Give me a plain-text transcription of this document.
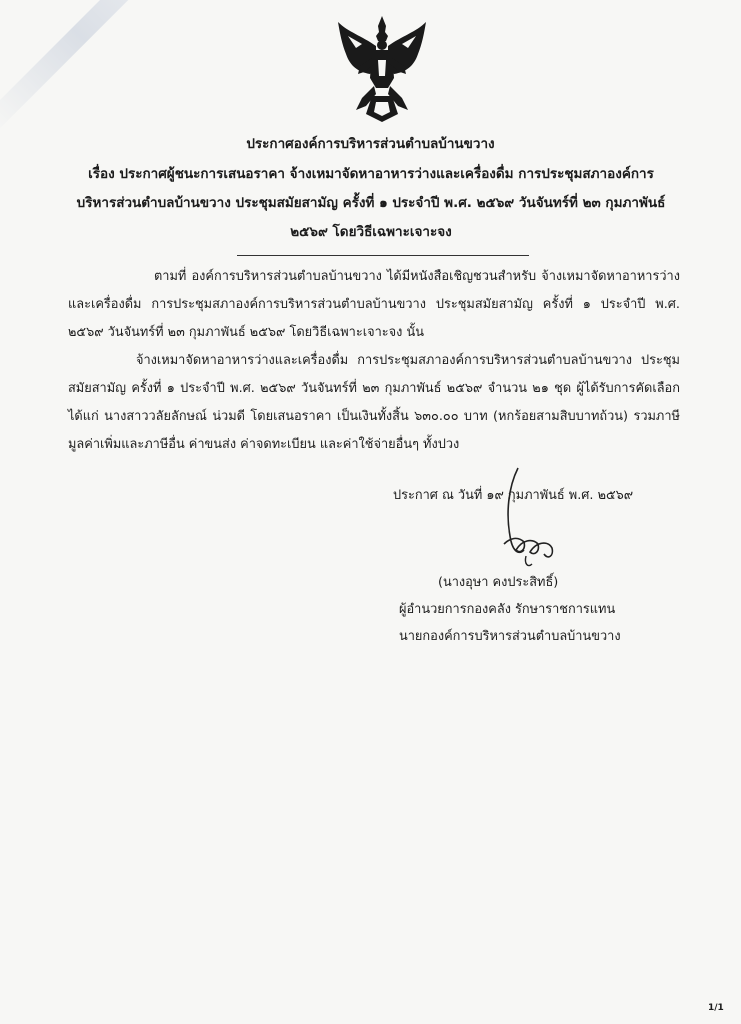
ประกาศองค์การบริหารส่วนตำบลบ้านขวาง
เรื่อง ประกาศผู้ชนะการเสนอราคา จ้างเหมาจัดหาอาหารว่างและเครื่องดื่ม การประชุมสภาองค์การบริหารส่วนตำบลบ้านขวาง ประชุมสมัยสามัญ ครั้งที่ ๑ ประจำปี พ.ศ. ๒๕๖๙ วันจันทร์ที่ ๒๓ กุมภาพันธ์ ๒๕๖๙ โดยวิธีเฉพาะเจาะจง
ตามที่ องค์การบริหารส่วนตำบลบ้านขวาง ได้มีหนังสือเชิญชวนสำหรับ จ้างเหมาจัดหาอาหารว่างและเครื่องดื่ม การประชุมสภาองค์การบริหารส่วนตำบลบ้านขวาง ประชุมสมัยสามัญ ครั้งที่ ๑ ประจำปี พ.ศ. ๒๕๖๙ วันจันทร์ที่ ๒๓ กุมภาพันธ์ ๒๕๖๙ โดยวิธีเฉพาะเจาะจง นั้น
จ้างเหมาจัดหาอาหารว่างและเครื่องดื่ม การประชุมสภาองค์การบริหารส่วนตำบลบ้านขวาง ประชุมสมัยสามัญ ครั้งที่ ๑ ประจำปี พ.ศ. ๒๕๖๙ วันจันทร์ที่ ๒๓ กุมภาพันธ์ ๒๕๖๙ จำนวน ๒๑ ชุด ผู้ได้รับการคัดเลือก ได้แก่ นางสาววลัยลักษณ์ น่วมดี โดยเสนอราคา เป็นเงินทั้งสิ้น ๖๓๐.๐๐ บาท (หกร้อยสามสิบบาทถ้วน) รวมภาษีมูลค่าเพิ่มและภาษีอื่น ค่าขนส่ง ค่าจดทะเบียน และค่าใช้จ่ายอื่นๆ ทั้งปวง
ประกาศ ณ วันที่ ๑๙ กุมภาพันธ์ พ.ศ. ๒๕๖๙
(นางอุษา คงประสิทธิ์)
ผู้อำนวยการกองคลัง รักษาราชการแทน
นายกองค์การบริหารส่วนตำบลบ้านขวาง
1/1
